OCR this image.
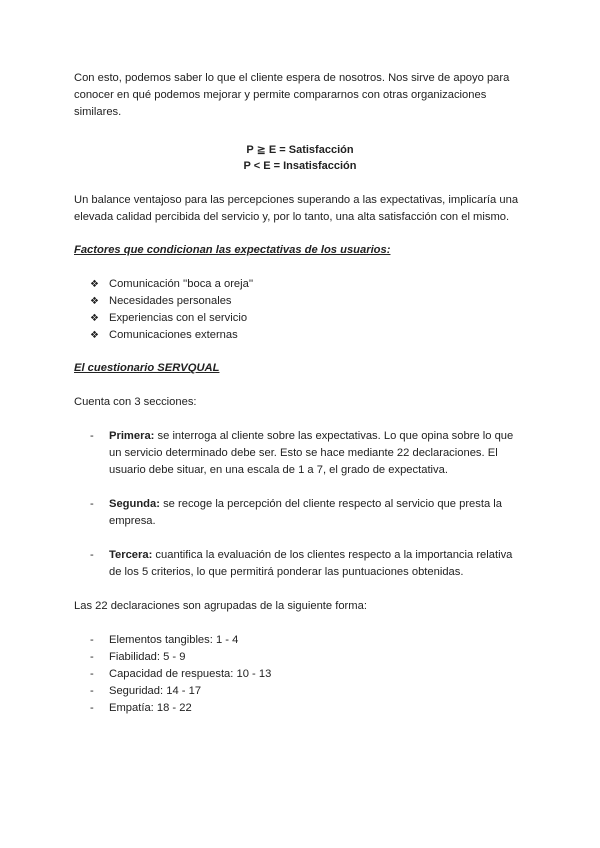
Con esto, podemos saber lo que el cliente espera de nosotros. Nos sirve de apoyo para conocer en qué podemos mejorar y permite compararnos con otras organizaciones similares.

P ≧ E = Satisfacción

P < E = Insatisfacción

Un balance ventajoso para las percepciones superando a las expectativas, implicaría una elevada calidad percibida del servicio y, por lo tanto, una alta satisfacción con el mismo.

Factores que condicionan las expectativas de los usuarios:

❖ Comunicación ''boca a oreja''
❖ Necesidades personales
❖ Experiencias con el servicio
❖ Comunicaciones externas

El cuestionario SERVQUAL

Cuenta con 3 secciones:

-	Primera: se interroga al cliente sobre las expectativas. Lo que opina sobre lo que un servicio determinado debe ser. Esto se hace mediante 22 declaraciones. El usuario debe situar, en una escala de 1 a 7, el grado de expectativa.
-	Segunda: se recoge la percepción del cliente respecto al servicio que presta la empresa.
-	Tercera: cuantifica la evaluación de los clientes respecto a la importancia relativa de los 5 criterios, lo que permitirá ponderar las puntuaciones obtenidas.

Las 22 declaraciones son agrupadas de la siguiente forma:

-	Elementos tangibles: 1 - 4
-	Fiabilidad: 5 - 9
-	Capacidad de respuesta: 10 - 13
-	Seguridad: 14 - 17
-	Empatía: 18 - 22
